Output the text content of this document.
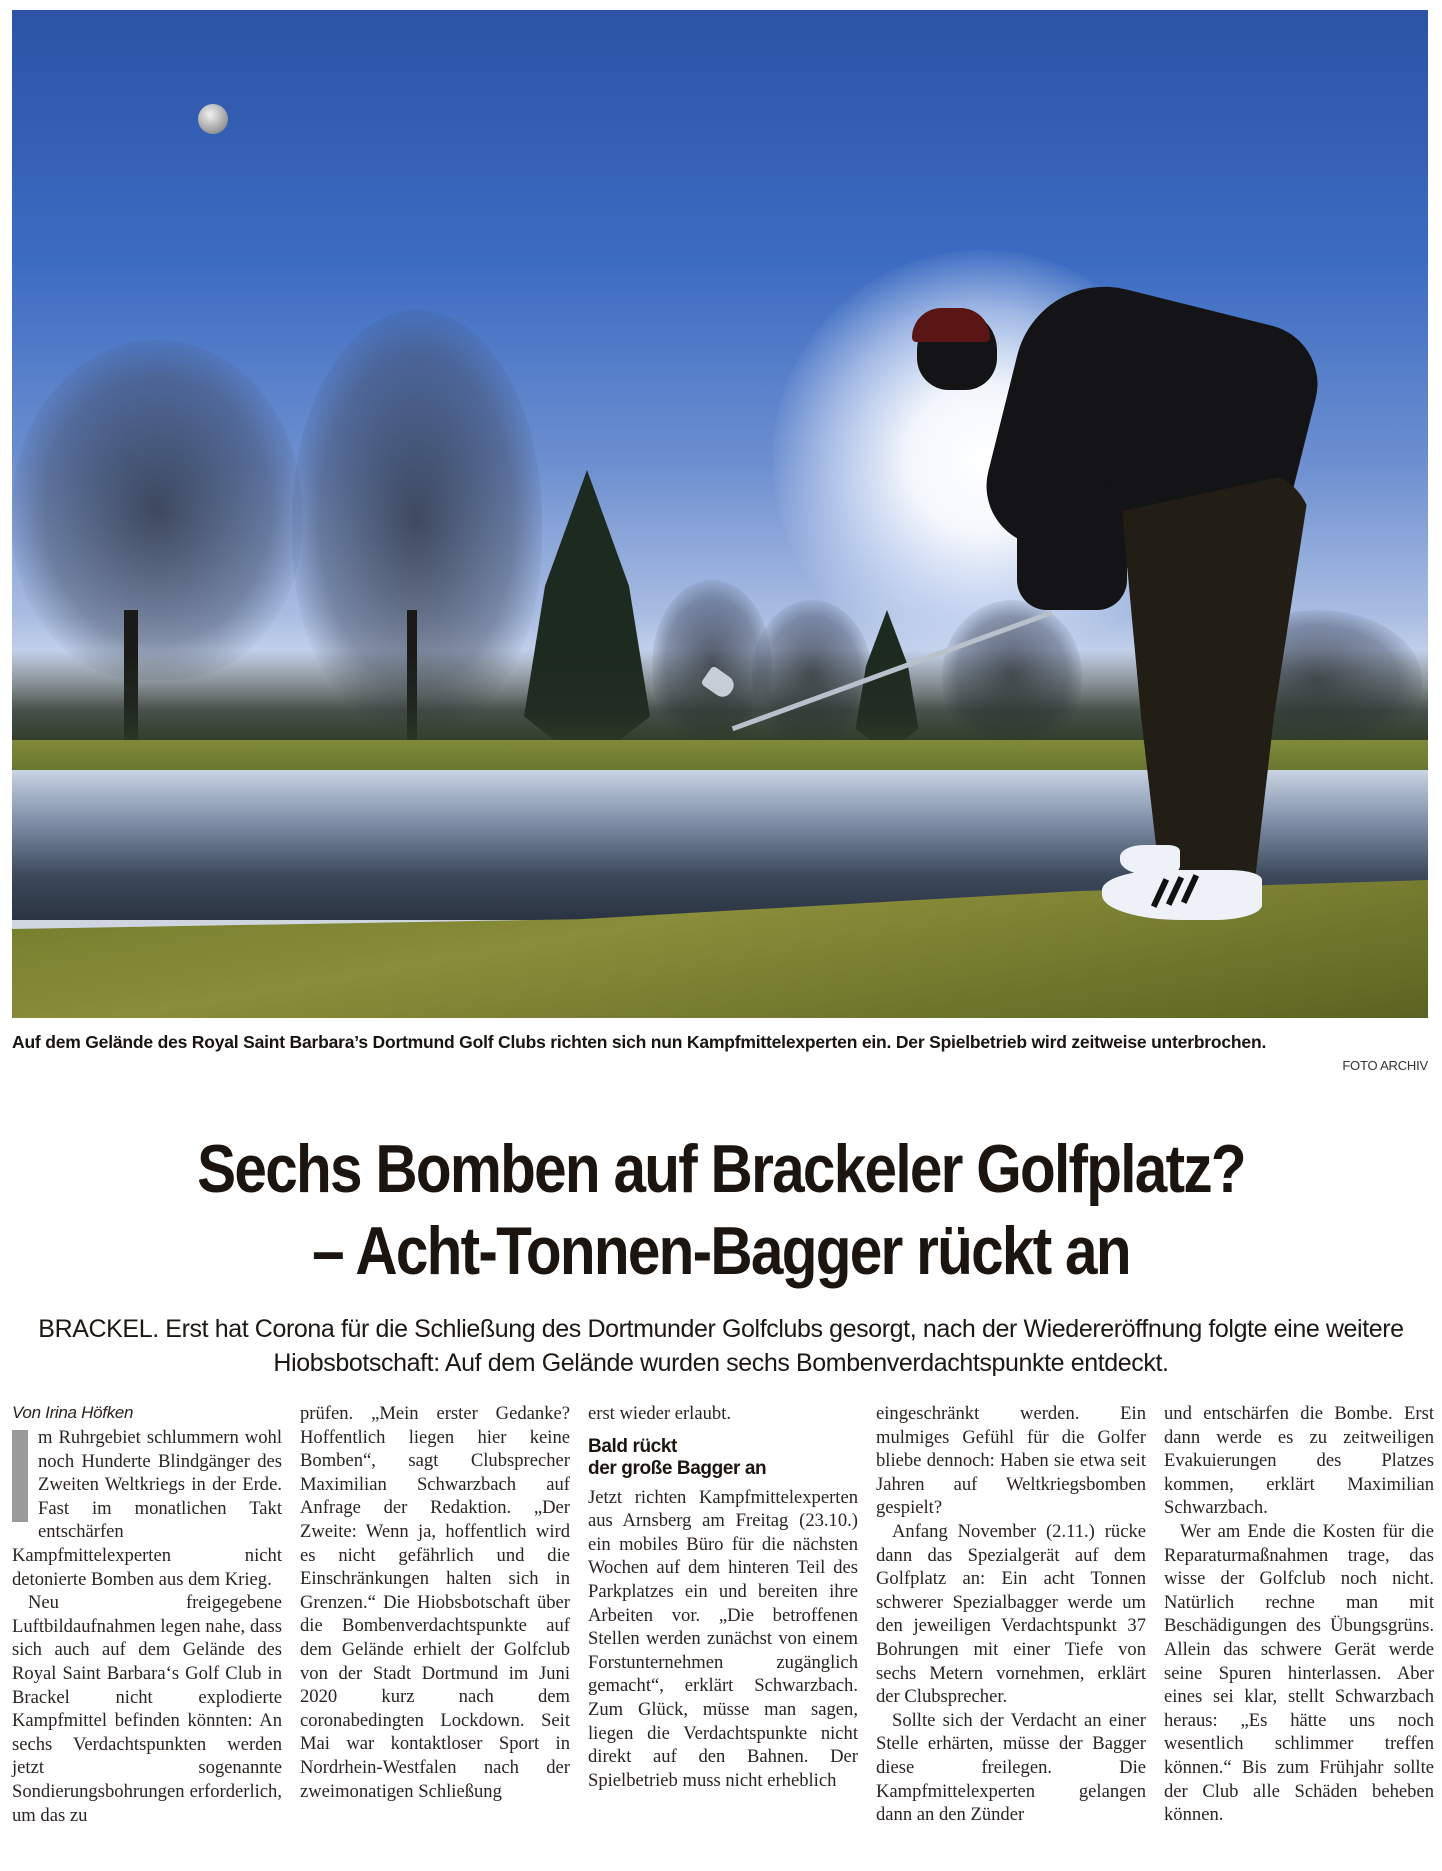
Auf dem Gelände des Royal Saint Barbara’s Dortmund Golf Clubs richten sich nun Kampfmittelexperten ein. Der Spielbetrieb wird zeitweise unterbrochen.
FOTO ARCHIV
Sechs Bomben auf Brackeler Golfplatz?
– Acht-Tonnen-Bagger rückt an
BRACKEL. Erst hat Corona für die Schließung des Dortmunder Golfclubs gesorgt, nach der Wiedereröffnung folgte eine weitere Hiobsbotschaft: Auf dem Gelände wurden sechs Bombenverdachtspunkte entdeckt.
Von Irina Höfken

m Ruhrgebiet schlummern wohl noch Hunderte Blindgänger des Zweiten Weltkriegs in der Erde. Fast im monatlichen Takt entschärfen Kampfmittelexperten nicht detonierte Bomben aus dem Krieg.

Neu freigegebene Luftbildaufnahmen legen nahe, dass sich auch auf dem Gelände des Royal Saint Barbara‘s Golf Club in Brackel nicht explodierte Kampfmittel befinden könnten: An sechs Verdachtspunkten werden jetzt sogenannte Sondierungsbohrungen erforderlich, um das zu

prüfen. „Mein erster Gedanke? Hoffentlich liegen hier keine Bomben“, sagt Clubsprecher Maximilian Schwarzbach auf Anfrage der Redaktion. „Der Zweite: Wenn ja, hoffentlich wird es nicht gefährlich und die Einschränkungen halten sich in Grenzen.“ Die Hiobsbotschaft über die Bombenverdachtspunkte auf dem Gelände erhielt der Golfclub von der Stadt Dortmund im Juni 2020 kurz nach dem coronabedingten Lockdown. Seit Mai war kontaktloser Sport in Nordrhein-Westfalen nach der zweimonatigen Schließung

erst wieder erlaubt.

Bald rückt
der große Bagger an

Jetzt richten Kampfmittelexperten aus Arnsberg am Freitag (23.10.) ein mobiles Büro für die nächsten Wochen auf dem hinteren Teil des Parkplatzes ein und bereiten ihre Arbeiten vor. „Die betroffenen Stellen werden zunächst von einem Forstunternehmen zugänglich gemacht“, erklärt Schwarzbach. Zum Glück, müsse man sagen, liegen die Verdachtspunkte nicht direkt auf den Bahnen. Der Spielbetrieb muss nicht erheblich

eingeschränkt werden. Ein mulmiges Gefühl für die Golfer bliebe dennoch: Haben sie etwa seit Jahren auf Weltkriegsbomben gespielt?

Anfang November (2.11.) rücke dann das Spezialgerät auf dem Golfplatz an: Ein acht Tonnen schwerer Spezialbagger werde um den jeweiligen Verdachtspunkt 37 Bohrungen mit einer Tiefe von sechs Metern vornehmen, erklärt der Clubsprecher.

Sollte sich der Verdacht an einer Stelle erhärten, müsse der Bagger diese freilegen. Die Kampfmittelexperten gelangen dann an den Zünder

und entschärfen die Bombe. Erst dann werde es zu zeitweiligen Evakuierungen des Platzes kommen, erklärt Maximilian Schwarzbach.

Wer am Ende die Kosten für die Reparaturmaßnahmen trage, das wisse der Golfclub noch nicht. Natürlich rechne man mit Beschädigungen des Übungsgrüns. Allein das schwere Gerät werde seine Spuren hinterlassen. Aber eines sei klar, stellt Schwarzbach heraus: „Es hätte uns noch wesentlich schlimmer treffen können.“ Bis zum Frühjahr sollte der Club alle Schäden beheben können.
